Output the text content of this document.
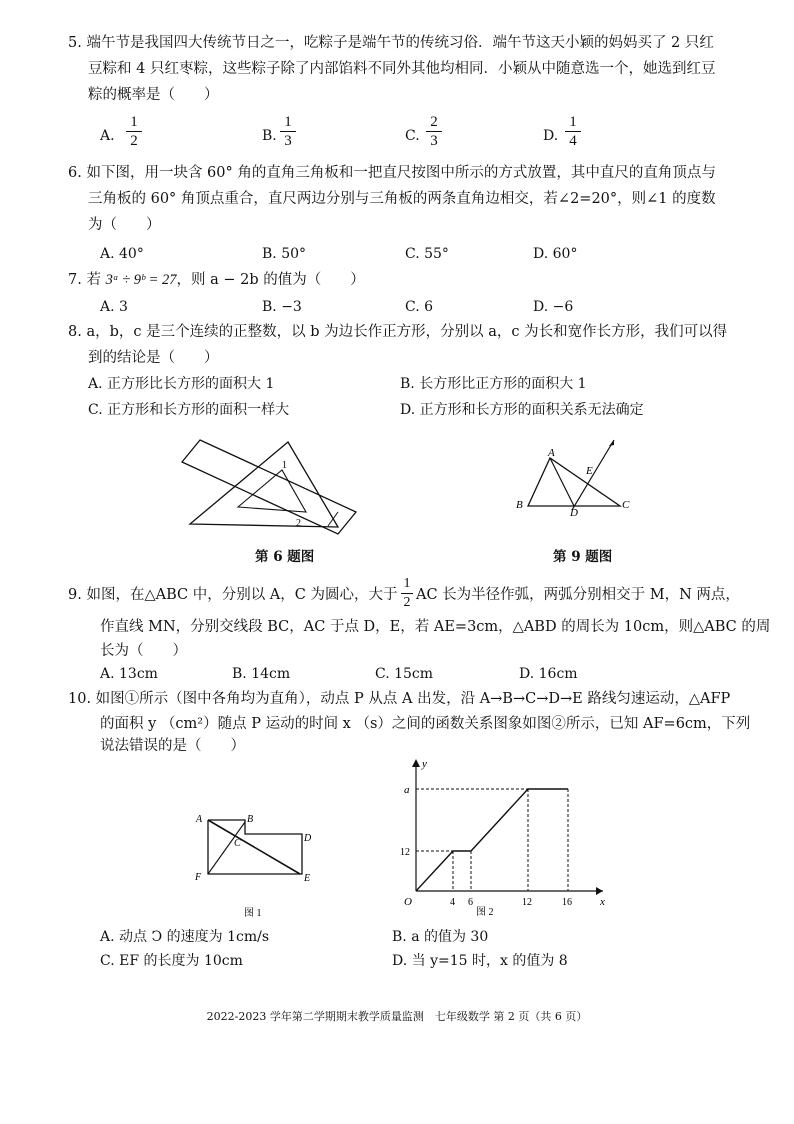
5. 端午节是我国四大传统节日之一，吃粽子是端午节的传统习俗．端午节这天小颖的妈妈买了 2 只红
豆粽和 4 只红枣粽，这些粽子除了内部馅料不同外其他均相同．小颖从中随意选一个，她选到红豆
粽的概率是（　　）
A.
1
2	B.
1
3	C.
2
3	D.
1
4
6. 如下图，用一块含 60° 角的直角三角板和一把直尺按图中所示的方式放置，其中直尺的直角顶点与
三角板的 60° 角顶点重合，直尺两边分别与三角板的两条直角边相交，若∠2=20°，则∠1 的度数
为（　　）
A. 40°	B. 50°	C. 55°	D. 60°
7. 若 3ᵃ ÷ 9ᵇ = 27，则 a − 2b 的值为（　　）
A. 3	B. −3	C. 6	D. −6
8. a，b，c 是三个连续的正整数，以 b 为边长作正方形，分别以 a，c 为长和宽作长方形，我们可以得
到的结论是（　　）
A. 正方形比长方形的面积大 1	B. 长方形比正方形的面积大 1
C. 正方形和长方形的面积一样大	D. 正方形和长方形的面积关系无法确定
1
2
第 6 题图
A
B	C
D
E
第 9 题图
9. 如图，在△ABC 中，分别以 A，C 为圆心，大于
1
2 AC 长为半径作弧，两弧分别相交于 M，N 两点，
作直线 MN，分别交线段 BC，AC 于点 D，E，若 AE=3cm，△ABD 的周长为 10cm，则△ABC 的周
长为（　　）
A. 13cm	B. 14cm	C. 15cm	D. 16cm
10. 如图①所示（图中各角均为直角），动点 P 从点 A 出发，沿 A→B→C→D→E 路线匀速运动，△AFP
的面积 y （cm²）随点 P 运动的时间 x （s）之间的函数关系图象如图②所示，已知 AF=6cm，下列
说法错误的是（　　）
A	B
C	D
E
F
图 1
y
x
O
a
12
4 6	12	16
图 2
A. 动点 Ↄ 的速度为 1cm/s	B. a 的值为 30
C. EF 的长度为 10cm	D. 当 y=15 时，x 的值为 8
2022-2023 学年第二学期期末教学质量监测　七年级数学 第 2 页（共 6 页）
